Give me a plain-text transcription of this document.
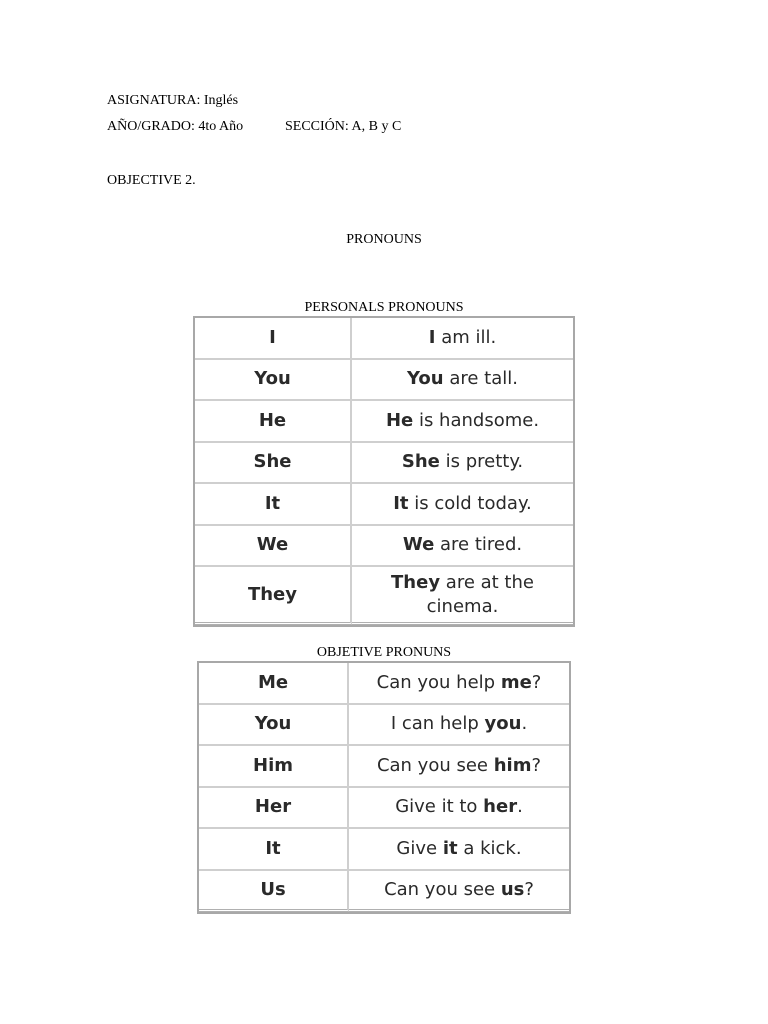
ASIGNATURA: Inglés
AÑO/GRADO: 4to Año	SECCIÓN: A, B y C
OBJECTIVE 2.
PRONOUNS
PERSONALS PRONOUNS
I	I am ill.
You	You are tall.
He	He is handsome.
She	She is pretty.
It	It is cold today.
We	We are tired.
They	They are at the cinema.
OBJETIVE PRONUNS
Me	Can you help me?
You	I can help you.
Him	Can you see him?
Her	Give it to her.
It	Give it a kick.
Us	Can you see us?
